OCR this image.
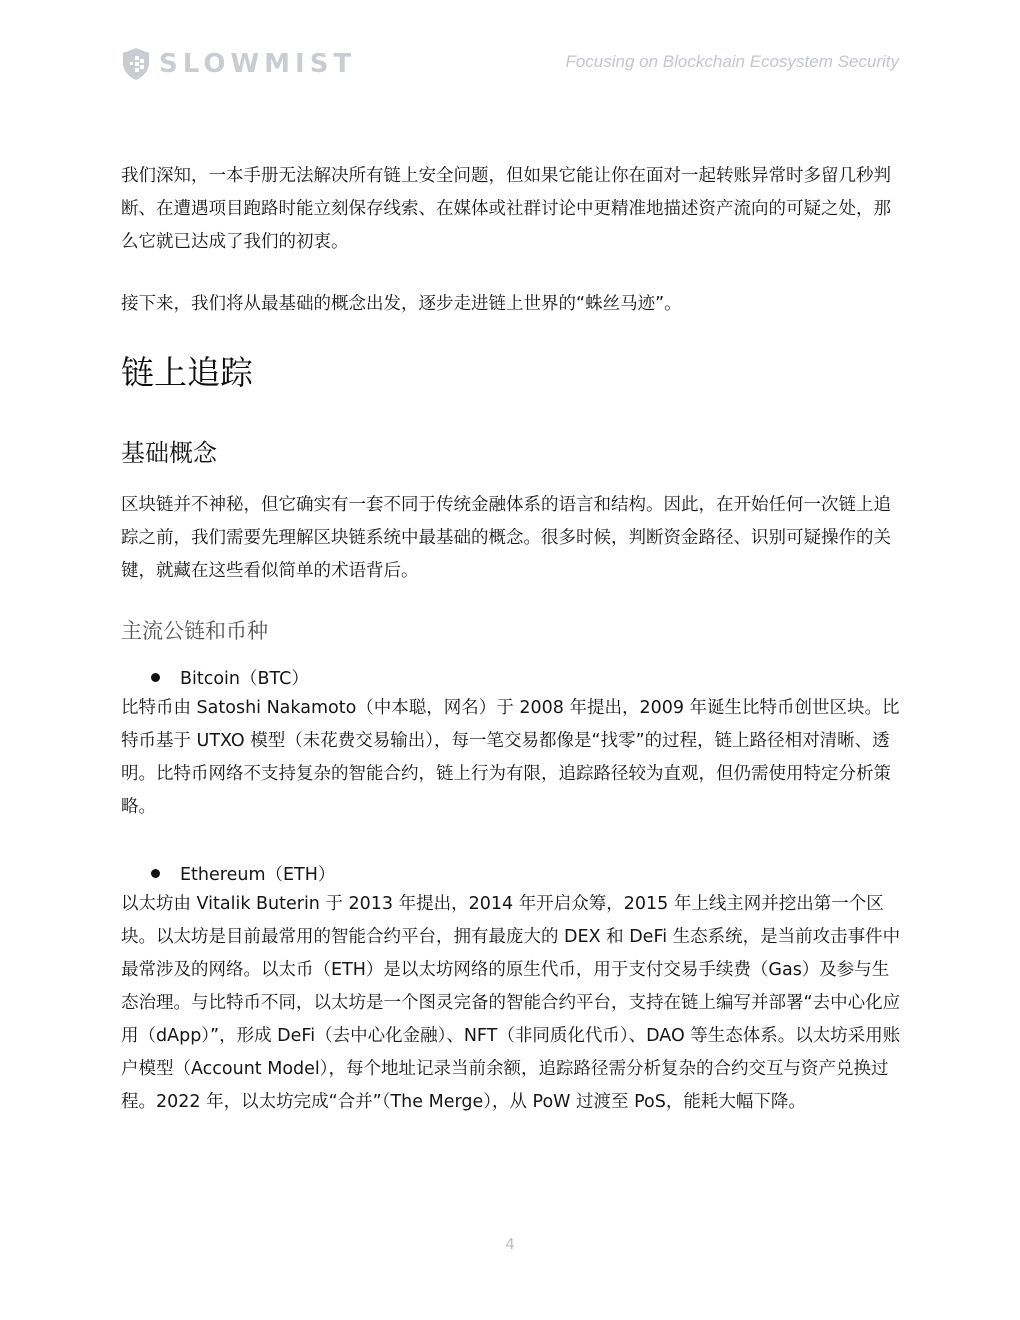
SLOWMIST	Focusing on Blockchain Ecosystem Security

我们深知，一本手册无法解决所有链上安全问题，但如果它能让你在面对一起转账异常时多留几秒判断、在遭遇项目跑路时能立刻保存线索、在媒体或社群讨论中更精准地描述资产流向的可疑之处，那么它就已达成了我们的初衷。

接下来，我们将从最基础的概念出发，逐步走进链上世界的“蛛丝马迹”。

链上追踪
基础概念

区块链并不神秘，但它确实有一套不同于传统金融体系的语言和结构。因此，在开始任何一次链上追踪之前，我们需要先理解区块链系统中最基础的概念。很多时候，判断资金路径、识别可疑操作的关键，就藏在这些看似简单的术语背后。

主流公链和币种
Bitcoin（BTC）

比特币由 Satoshi Nakamoto（中本聪，网名）于 2008 年提出，2009 年诞生比特币创世区块。比特币基于 UTXO 模型（未花费交易输出），每一笔交易都像是“找零”的过程，链上路径相对清晰、透明。比特币网络不支持复杂的智能合约，链上行为有限，追踪路径较为直观，但仍需使用特定分析策略。

Ethereum（ETH）

以太坊由 Vitalik Buterin 于 2013 年提出，2014 年开启众筹，2015 年上线主网并挖出第一个区块。以太坊是目前最常用的智能合约平台，拥有最庞大的 DEX 和 DeFi 生态系统，是当前攻击事件中最常涉及的网络。以太币（ETH）是以太坊网络的原生代币，用于支付交易手续费（Gas）及参与生态治理。与比特币不同，以太坊是一个图灵完备的智能合约平台，支持在链上编写并部署“去中心化应用（dApp）”，形成 DeFi（去中心化金融）、NFT（非同质化代币）、DAO 等生态体系。以太坊采用账户模型（Account Model），每个地址记录当前余额，追踪路径需分析复杂的合约交互与资产兑换过程。2022 年，以太坊完成“合并”（The Merge），从 PoW 过渡至 PoS，能耗大幅下降。

4
